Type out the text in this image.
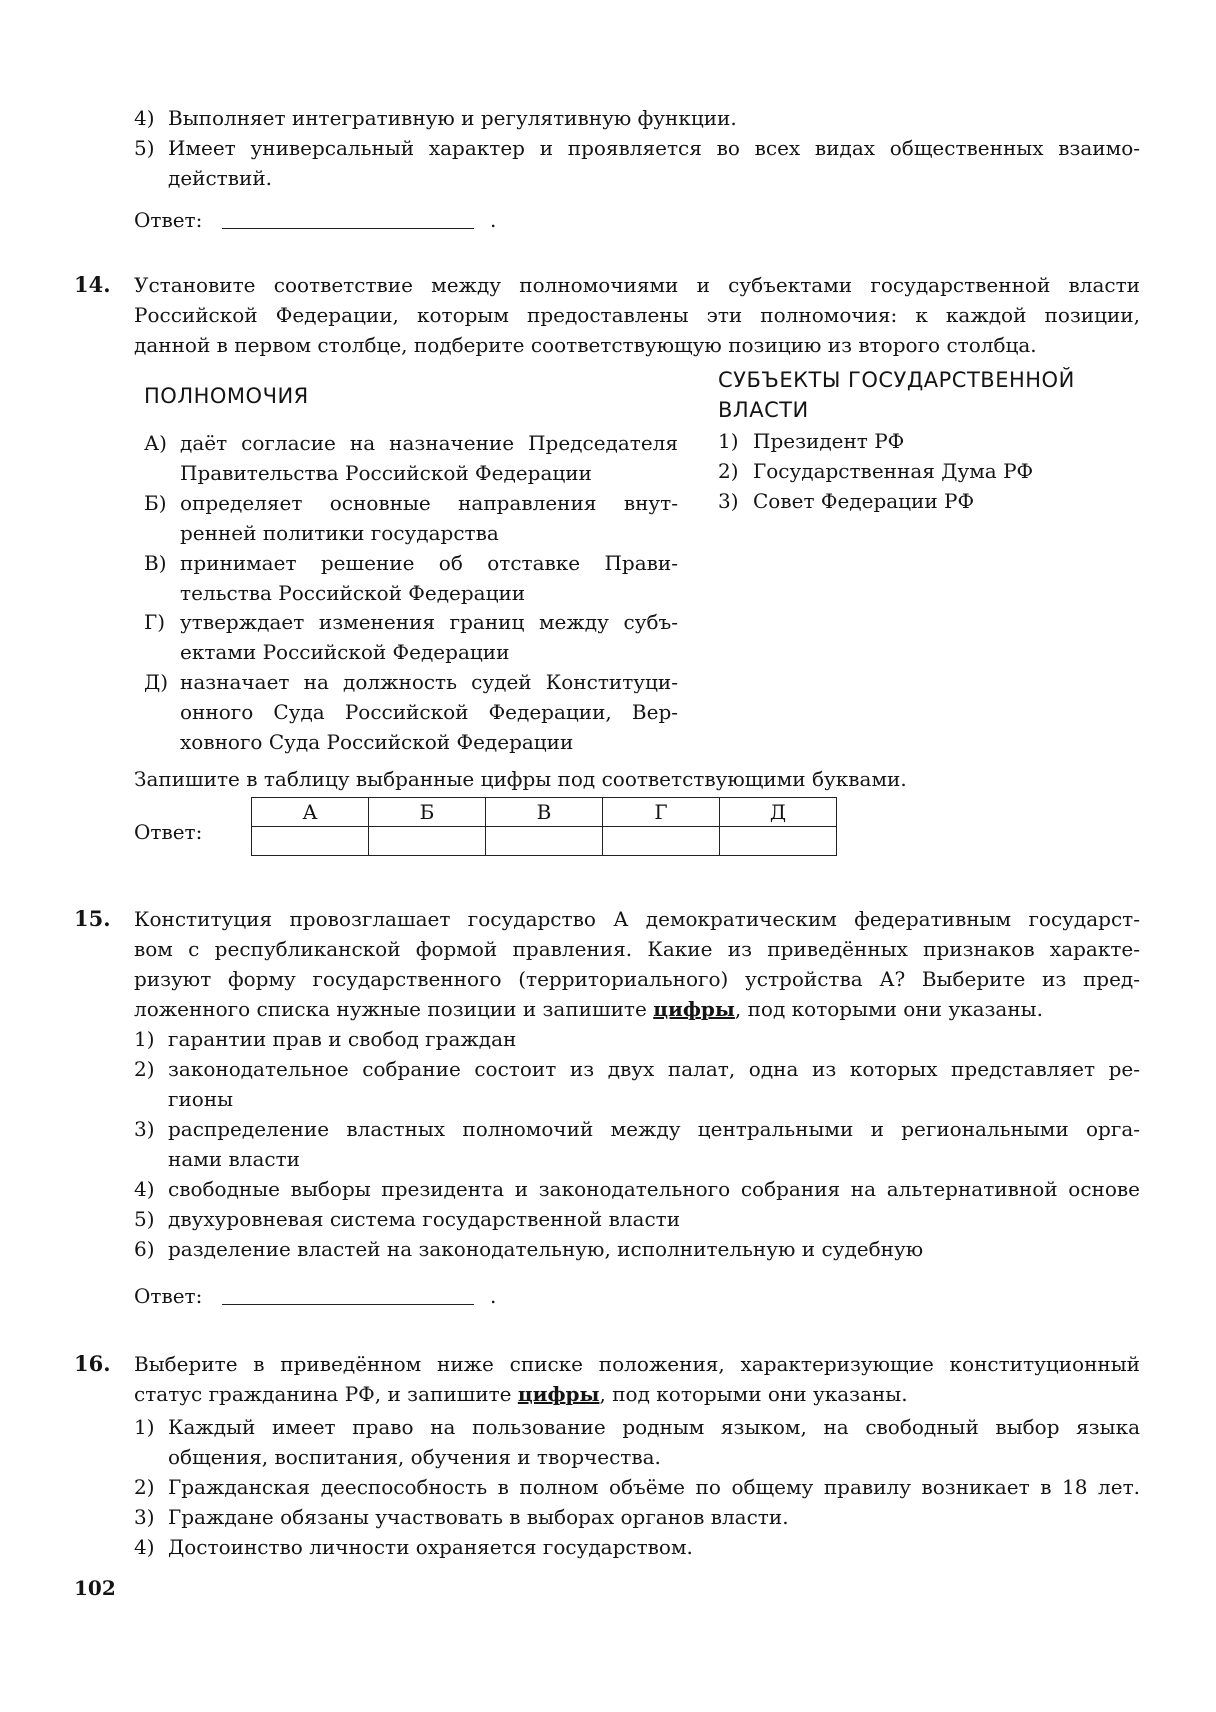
4) Выполняет интегративную и регулятивную функции.
5) Имеет универсальный характер и проявляется во всех видах общественных взаимо-
действий.
Ответ:	.
14. Установите соответствие между полномочиями и субъектами государственной власти
Российской Федерации, которым предоставлены эти полномочия: к каждой позиции,
данной в первом столбце, подберите соответствующую позицию из второго столбца.
ПОЛНОМОЧИЯ
СУБЪЕКТЫ ГОСУДАРСТВЕННОЙ
ВЛАСТИ
А) даёт согласие на назначение Председателя
Правительства Российской Федерации
Б) определяет основные направления внут-
ренней политики государства
В) принимает решение об отставке Прави-
тельства Российской Федерации
Г) утверждает изменения границ между субъ-
ектами Российской Федерации
Д) назначает на должность судей Конституци-
онного Суда Российской Федерации, Вер-
ховного Суда Российской Федерации
1) Президент РФ
2) Государственная Дума РФ
3) Совет Федерации РФ
Запишите в таблицу выбранные цифры под соответствующими буквами.
Ответ:
А	Б	В	Г	Д

15. Конституция провозглашает государство А демократическим федеративным государст-
вом с республиканской формой правления. Какие из приведённых признаков характе-
ризуют форму государственного (территориального) устройства А? Выберите из пред-
ложенного списка нужные позиции и запишите цифры, под которыми они указаны.
1) гарантии прав и свобод граждан
2) законодательное собрание состоит из двух палат, одна из которых представляет ре-
гионы
3) распределение властных полномочий между центральными и региональными орга-
нами власти
4) свободные выборы президента и законодательного собрания на альтернативной основе
5) двухуровневая система государственной власти
6) разделение властей на законодательную, исполнительную и судебную
Ответ:	.
16. Выберите в приведённом ниже списке положения, характеризующие конституционный
статус гражданина РФ, и запишите цифры, под которыми они указаны.
1) Каждый имеет право на пользование родным языком, на свободный выбор языка
общения, воспитания, обучения и творчества.
2) Гражданская дееспособность в полном объёме по общему правилу возникает в 18 лет.
3) Граждане обязаны участвовать в выборах органов власти.
4) Достоинство личности охраняется государством.
102
